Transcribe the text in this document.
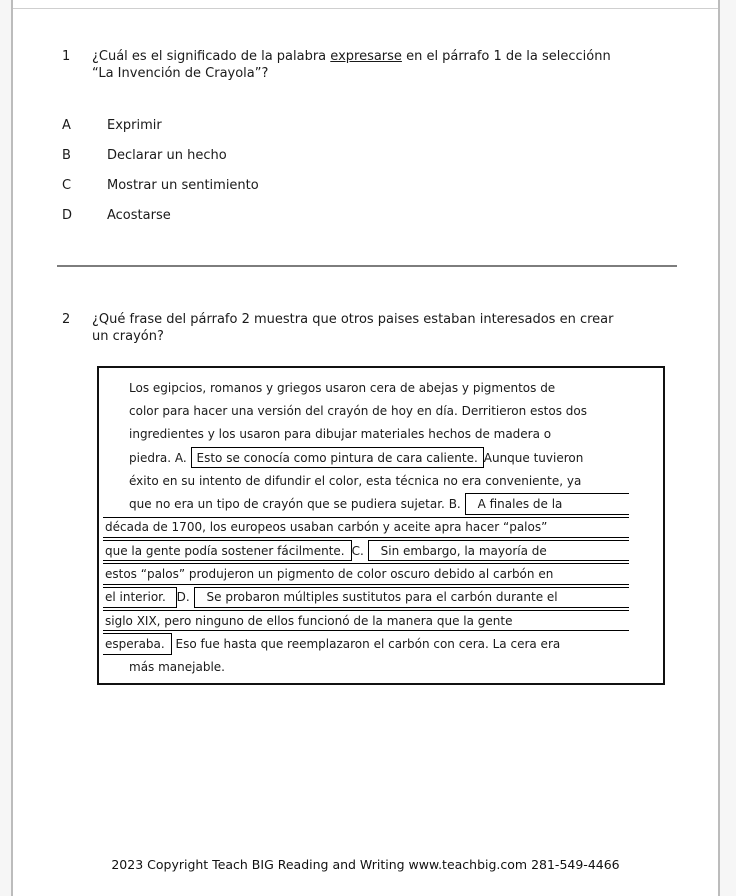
1	¿Cuál es el significado de la palabra expresarse en el párrafo 1 de la selecciónn
“La Invención de Crayola”?
A	Exprimir
B	Declarar un hecho
C	Mostrar un sentimiento
D	Acostarse
2	¿Qué frase del párrafo 2 muestra que otros paises estaban interesados en crear
un crayón?
Los egipcios, romanos y griegos usaron cera de abejas y pigmentos de
color para hacer una versión del crayón de hoy en día. Derritieron estos dos
ingredientes y los usaron para dibujar materiales hechos de madera o
piedra. A. Esto se conocía como pintura de cara caliente. Aunque tuvieron
éxito en su intento de difundir el color, esta técnica no era conveniente, ya
que no era un tipo de crayón que se pudiera sujetar. B.	A finales de la
década de 1700, los europeos usaban carbón y aceite apra hacer “palos”
que la gente podía sostener fácilmente. C.	Sin embargo, la mayoría de
estos “palos” produjeron un pigmento de color oscuro debido al carbón en
el interior. D.	Se probaron múltiples sustitutos para el carbón durante el
siglo XIX, pero ninguno de ellos funcionó de la manera que la gente
esperaba. Eso fue hasta que reemplazaron el carbón con cera. La cera era
más manejable.
2023 Copyright Teach BIG Reading and Writing www.teachbig.com 281-549-4466
